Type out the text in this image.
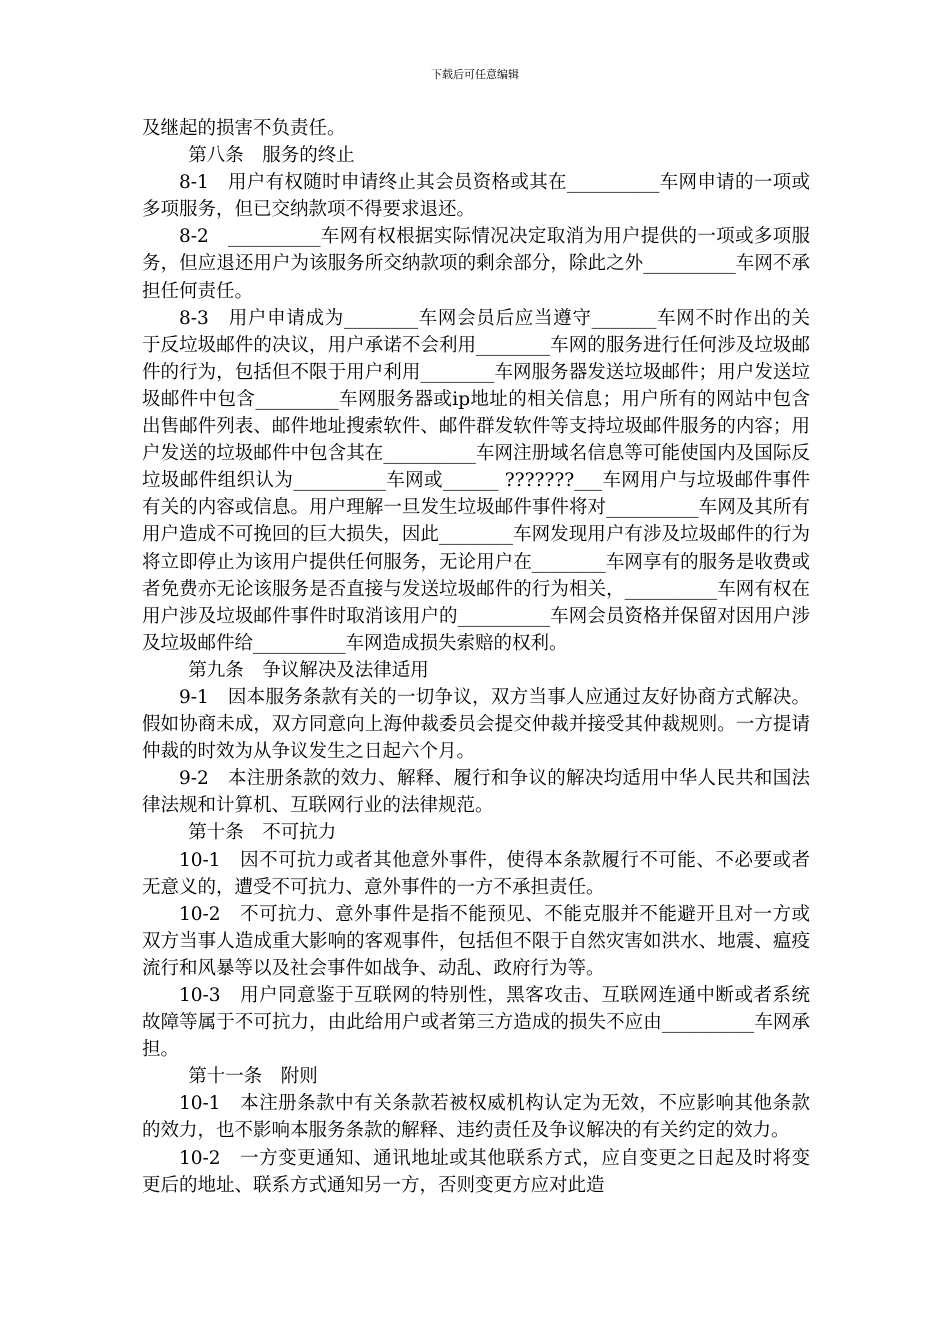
下载后可任意编辑

及继起的损害不负责任。

第八条　服务的终止

8-1　用户有权随时申请终止其会员资格或其在__________车网申请的一项或多项服务，但已交纳款项不得要求退还。

8-2　__________车网有权根据实际情况决定取消为用户提供的一项或多项服务，但应退还用户为该服务所交纳款项的剩余部分，除此之外__________车网不承担任何责任。

8-3　用户申请成为________车网会员后应当遵守_______车网不时作出的关于反垃圾邮件的决议，用户承诺不会利用________车网的服务进行任何涉及垃圾邮件的行为，包括但不限于用户利用________车网服务器发送垃圾邮件；用户发送垃圾邮件中包含_________车网服务器或ip地址的相关信息；用户所有的网站中包含出售邮件列表、邮件地址搜索软件、邮件群发软件等支持垃圾邮件服务的内容；用户发送的垃圾邮件中包含其在__________车网注册域名信息等可能使国内及国际反垃圾邮件组织认为__________车网或______ ???????___车网用户与垃圾邮件事件有关的内容或信息。用户理解一旦发生垃圾邮件事件将对__________车网及其所有用户造成不可挽回的巨大损失，因此________车网发现用户有涉及垃圾邮件的行为将立即停止为该用户提供任何服务，无论用户在________车网享有的服务是收费或者免费亦无论该服务是否直接与发送垃圾邮件的行为相关，__________车网有权在用户涉及垃圾邮件事件时取消该用户的__________车网会员资格并保留对因用户涉及垃圾邮件给__________车网造成损失索赔的权利。

第九条　争议解决及法律适用

9-1　因本服务条款有关的一切争议，双方当事人应通过友好协商方式解决。假如协商未成，双方同意向上海仲裁委员会提交仲裁并接受其仲裁规则。一方提请仲裁的时效为从争议发生之日起六个月。

9-2　本注册条款的效力、解释、履行和争议的解决均适用中华人民共和国法律法规和计算机、互联网行业的法律规范。

第十条　不可抗力

10-1　因不可抗力或者其他意外事件，使得本条款履行不可能、不必要或者无意义的，遭受不可抗力、意外事件的一方不承担责任。

10-2　不可抗力、意外事件是指不能预见、不能克服并不能避开且对一方或双方当事人造成重大影响的客观事件，包括但不限于自然灾害如洪水、地震、瘟疫流行和风暴等以及社会事件如战争、动乱、政府行为等。

10-3　用户同意鉴于互联网的特别性，黑客攻击、互联网连通中断或者系统故障等属于不可抗力，由此给用户或者第三方造成的损失不应由__________车网承担。

第十一条　附则

10-1　本注册条款中有关条款若被权威机构认定为无效，不应影响其他条款的效力，也不影响本服务条款的解释、违约责任及争议解决的有关约定的效力。

10-2　一方变更通知、通讯地址或其他联系方式，应自变更之日起及时将变更后的地址、联系方式通知另一方，否则变更方应对此造
